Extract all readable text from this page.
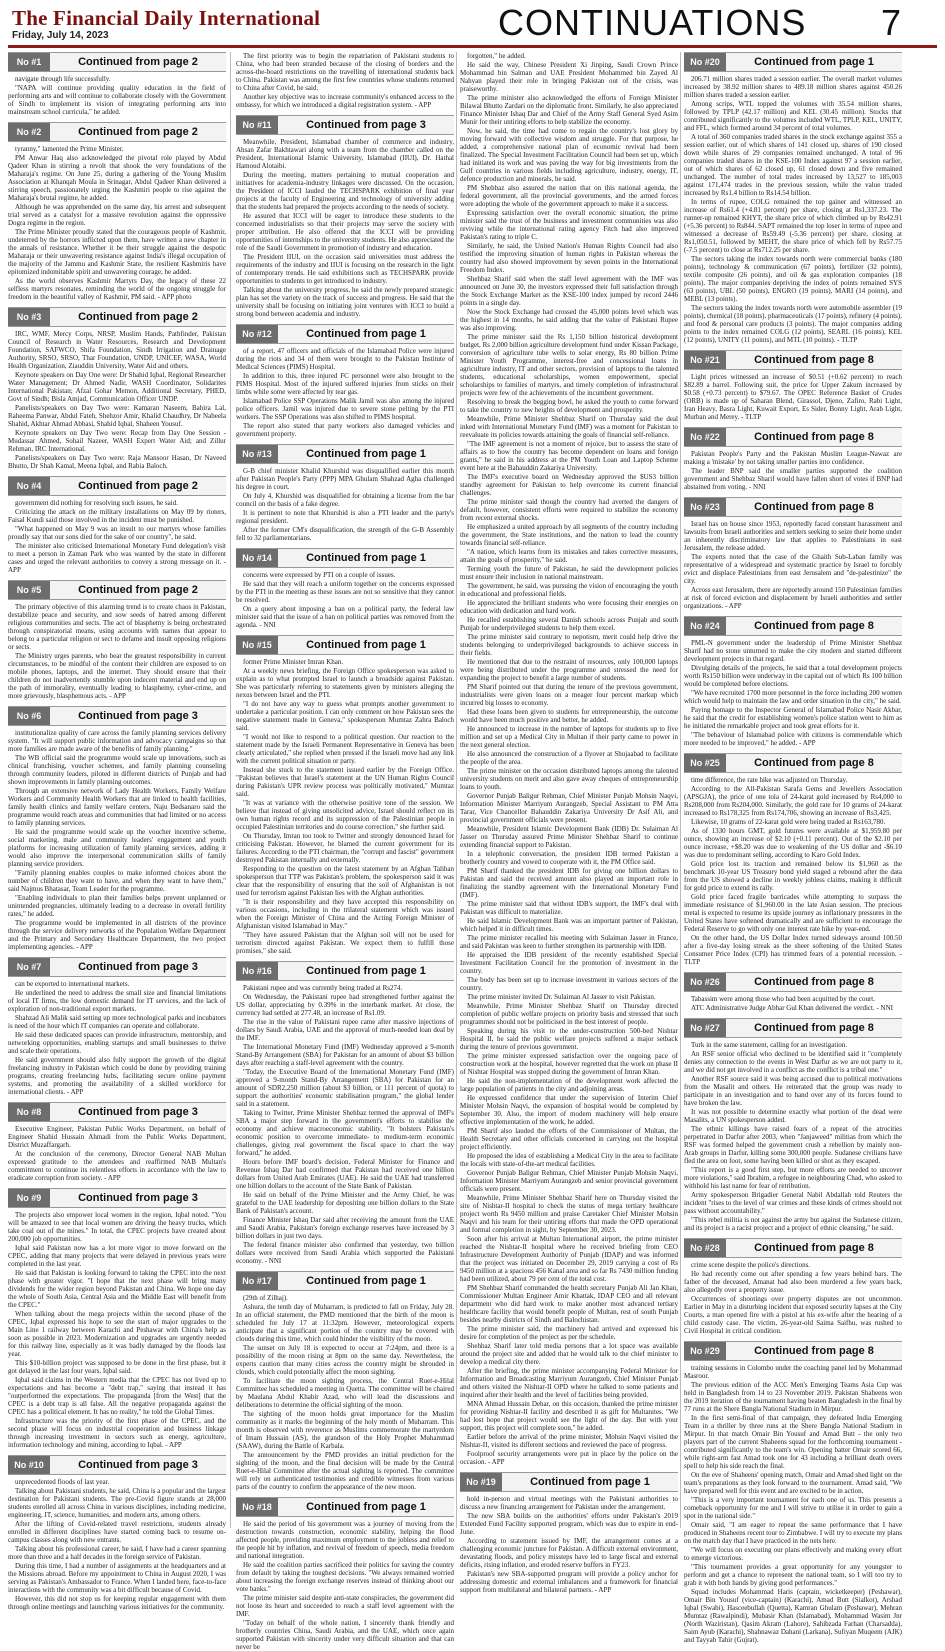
The Financial Daily International
Friday, July 14, 2023	CONTINUATIONS 7
No #1	Continued from page 2

navigate through life successfully.

"NAPA will continue providing quality education in the field of performing arts and will continue to collaborate closely with the Government of Sindh to implement its vision of integrating performing arts into mainstream school curricula," he added.

No #2	Continued from page 2

tyranny," lamented the Prime Minister.

PM Anwar Haq also acknowledged the pivotal role played by Abdul Qadeer Khan in stirring a revolt that shook the very foundations of the Maharaja's regime. On June 25, during a gathering of the Young Muslim Association at Khanqah Moula in Srinagar, Abdul Qadeer Khan delivered a stirring speech, passionately urging the Kashmiri people to rise against the Maharaja's brutal regime, he added.

Although he was apprehended on the same day, his arrest and subsequent trial served as a catalyst for a massive revolution against the oppressive Dogra regime in the region.

The Prime Minister proudly stated that the courageous people of Kashmir, undeterred by the horrors inflicted upon them, have written a new chapter in the annals of resistance. Whether it be their struggle against the despotic Maharaja or their unwavering resistance against India's illegal occupation of the majority of the Jammu and Kashmir State, the resilient Kashmiris have epitomized indomitable spirit and unwavering courage, he added.

As the world observes Kashmir Martyrs Day, the legacy of these 22 selfless martyrs resonates, reminding the world of the ongoing struggle for freedom in the beautiful valley of Kashmir, PM said. - APP photo

No #3	Continued from page 2

IRC, WMF, Mercy Corps, NRSP, Muslim Hands, Pathfinder, Pakistan Council of Research in Water Resources, Research and Development Foundation, SAFWCO, Shifa Foundation, Sindh Irrigation and Drainage Authority, SRSO, SRSO, Thar Foundation, UNDP, UNICEF, WASA, World Health Organization, Ziauddin University, Water Aid and others.

Keynote speakers on Day One were: Dr Shahid Iqbal, Regional Researcher Water Management; Dr Ahmed Nadir, WASH Coordinator, Solidarites International Pakistan; Afzal Gohar Memon, Additional Secretary, PHED, Govt of Sindh; Bisla Amjad, Communication Officer UNDP.

Panelists/speakers on Day Two were: Kamaran Naseem, Bahira Lal, Raheema Panwar, Abdul Fateh, Shehzor Amir, Khalid Chaudhry, Dr Nabeela Shahid, Akhtar Ahmad Abbasi, Shahid Iqbal, Shaheen Yousuf.

Keynote speakers on Day Two were: Recap from Day One Session - Mudassar Ahmed, Sohail Nazeer, WASH Expert Water Aid; and Zillur Rehman, IRC International.

Panelists/speakers on Day Two were: Raja Mansoor Hasan, Dr Naveed Bhutto, Dr Shah Kamal, Meena Iqbal, and Rabia Baloch.

No #4	Continued from page 2

government did nothing for resolving such issues, he said.

Criticizing the attack on the military installations on May 09 by rioters, Faisal Kundi said those involved in the incident must be punished.

"What happened on May 9 was an insult to our martyrs whose families proudly say that our sons died for the sake of our country", he said.

The minister also criticised International Monetary Fund delegation's visit to meet a person in Zaman Park who was wanted by the state in different cases and urged the relevant authorities to convey a strong message on it. - APP

No #5	Continued from page 2

The primary objective of this alarming trend is to create chaos in Pakistan, destabilize peace and security, and sow seeds of hatred among different religious communities and sects. The act of blasphemy is being orchestrated through conspiratorial means, using accounts with names that appear to belong to a particular religion or sect to defame and insult opposing religions or sects.

The Ministry urges parents, who bear the greatest responsibility in current circumstances, to be mindful of the content their children are exposed to on mobile phones, laptops, and the internet. They should ensure that their children do not inadvertently stumble upon indecent material and end up on the path of immorality, eventually leading to blasphemy, cyber-crime, and more grievously, blasphemous acts. - APP

No #6	Continued from page 3

institutionalize quality of care across the family planning services delivery system. "It will support public information and advocacy campaigns so that more families are made aware of the benefits of family planning."

The WB official said the programme would scale up innovations, such as clinical franchising, voucher schemes, and family planning counseling through community leaders, piloted in different districts of Punjab and had shown improvements in family planning outcomes.

Through an extensive network of Lady Health Workers, Family Welfare Workers and Community Health Workers that are linked to health facilities, family health clinics and family welfare centers, Naju Bedsanaro said the programme would reach areas and communities that had limited or no access to family planning services.

He said the programme would scale up the voucher incentive scheme, social marketing, male and community leaders' engagement and youth platforms for increasing utilization of family planning services, adding it would also improve the interpersonal communication skills of family planning service providers.

"Family planning enables couples to make informed choices about the number of children they want to have, and when they want to have them," said Najmus Bhatasar, Team Leader for the programme.

"Enabling individuals to plan their families helps prevent unplanned or unintended pregnancies, ultimately leading to a decrease in overall fertility rates," he added.

The programme would be implemented in all districts of the province through the service delivery networks of the Population Welfare Department and the Primary and Secondary Healthcare Department, the two project implementing agencies. - APP

No #7	Continued from page 3

can be exported to international markets.

He underlined the need to address the small size and financial limitations of local IT firms, the low domestic demand for IT services, and the lack of exploration of non-traditional export markets.

Shahzad Ali Malik said setting up more technological parks and incubators is need of the hour which IT companies can operate and collaborate.

He said these dedicated spaces can provide infrastructure, mentorship, and networking opportunities, enabling startups and small businesses to thrive and scale their operations.

He said government should also fully support the growth of the digital freelancing industry in Pakistan which could be done by providing training programs, creating freelancing hubs, facilitating secure online payment systems, and promoting the availability of a skilled workforce for international clients. - APP

No #8	Continued from page 3

Executive Engineer, Pakistan Public Works Department, on behalf of Engineer Shahid Hussain Ahmadi from the Public Works Department, District Muzaffargarh.

At the conclusion of the ceremony, Director General NAB Multan expressed gratitude to the attendees and reaffirmed NAB Multan's commitment to continue its relentless efforts in accordance with the law to eradicate corruption from society. - APP

No #9	Continued from page 3

The projects also empower local women in the region, Iqbal noted. "You will be amazed to see that local women are driving the heavy trucks, which take coal out of the mines." In total, the CPEC projects have created about 200,000 job opportunities.

Iqbal said Pakistan now has a lot more vigor to move forward on the CPEC, adding that many projects that were delayed in previous years were completed in the last year.

He said that Pakistan is looking forward to taking the CPEC into the next phase with greater vigor. "I hope that the next phase will bring many dividends for the wider region beyond Pakistan and China. We hope one day the whole of South Asia, Central Asia and the Middle East will benefit from the CPEC."

When talking about the mega projects within the second phase of the CPEC, Iqbal expressed his hope to see the start of major upgrades to the Main Line 1 railway between Karachi and Peshawar with China's help as soon as possible in 2023. Modernization and upgrades are urgently needed for this railway line, especially as it was badly damaged by the floods last year.

This $10-billion project was supposed to be done in the first phase, but it got delayed in the last four years, Iqbal said.

Iqbal said claims in the Western media that the CPEC has not lived up to expectations and has become a "debt trap," saying that instead it has "outperformed the expectations. The propaganda [from the West] that the CPEC is a debt trap is all false. All the negative propaganda against the CPEC has a political element. It has no reality," he told the Global Times.

Infrastructure was the priority of the first phase of the CPEC, and the second phase will focus on industrial cooperation and business linkage through increasing investment in sectors such as energy, agriculture, information technology and mining, according to Iqbal. - APP

No #10	Continued from page 3

unprecedented floods of last year.

Talking about Pakistani students, he said, China is a popular and the largest destination for Pakistani students. The pre-Covid figure stands at 28,000 students enrolled all across China in various disciplines, including medicine, engineering, IT, science, humanities, and modern arts, among others.

After the lifting of Covid-related travel restrictions, students already enrolled in different disciplines have started coming back to resume on-campus classes along with new entrants.

Talking about his professional career, he said, I have had a career spanning more than three and a half decades in the foreign service of Pakistan.

During this time, I had a number of assignments at the headquarters and at the Missions abroad. Before my appointment to China in August 2020, I was serving as Pakistan's Ambassador to France. When I landed here, face-to-face interactions with the community was a bit difficult because of Covid.

However, this did not stop us for keeping regular engagement with them through online meetings and launching various initiatives for the community.

The first priority was to begin the repatriation of Pakistani students to China, who had been stranded because of the closing of borders and the across-the-board restrictions on the travelling of international students back to China. Pakistan was among the first few countries whose students returned to China after Covid, he said.

Another key objective was to increase community's enhanced access to the embassy, for which we introduced a digital registration system. - APP

No #11	Continued from page 3

Meanwhile, President, Islamabad chamber of commerce and industry, Ahsan Zafar Bakhtawari along with a team from the chamber called on the President, International Islamic University, Islamabad (IIUI), Dr. Hathal Hamoud Alotaibi.

During the meeting, matters pertaining to mutual cooperation and initiatives for academia-industry linkages were discussed. On the occasion, the President of ICCI lauded the TECHSPARK exhibition of final year projects at the faculty of Engineering and technology of university adding that the students had prepared the projects according to the needs of society.

He assured that ICCI will be eager to introduce these students to the concerned industrialists so that their projects may serve the society with proper attribution. He also offered that the ICCI will be providing opportunities of internships to the university students. He also appreciated the role of the Saudi Government in promotion of industry and education.

The President IIUI, on the occasion said universities must address the requirements of the industry and IIUI is focusing on the research in the light of contemporary trends. He said exhibitions such as TECHSPARK provide opportunities to students to get introduced to industry.

Talking about the university progress, he said the newly prepared strategic plan has set the variety on the track of success and progress. He said that the university shall be focusing on initiating joint ventures with ICCI to build a strong bond between academia and industry.

No #12	Continued from page 1

of a report, 47 officers and officials of the Islamabad Police were injured during the riots and 34 of them were brought to the Pakistan Institute of Medical Sciences (PIMS) Hospital.

In addition to this, three injured FC personnel were also brought to the PIMS Hospital. Most of the injured suffered injuries from sticks on their limbs while some were affected by tear gas.

Islamabad Police SSP Operations Malik Jamil was also among the injured police officers. Jamil was injured due to severe stone pelting by the PTI workers. The SSP Operations was also shifted to PIMS hospital.

The report also stated that party workers also damaged vehicles and government property.

No #13	Continued from page 1

G-B chief minister Khalid Khurshid was disqualified earlier this month after Pakistan People's Party (PPP) MPA Ghulam Shahzad Agha challenged his degree in court.

On July 4, Khurshid was disqualified for obtaining a license from the bar council on the basis of a fake degree.

It is pertinent to note that Khurshid is also a PTI leader and the party's regional president.

After the former CM's disqualification, the strength of the G-B Assembly fell to 32 parliamentarians.

No #14	Continued from page 1

concerns were expressed by PTI on a couple of issues.

He said that they will reach a uniform together on the concerns expressed by the PTI in the meeting as these issues are not so sensitive that they cannot be resolved.

On a query about imposing a ban on a political party, the federal law minister said that the issue of a ban on political parties was removed from the agenda. - NNI

No #15	Continued from page 1

former Prime Minister Imran Khan.

At a weekly news briefing, the Foreign Office spokesperson was asked to explain as to what prompted Israel to launch a broadside against Pakistan. She was particularly referring to statements given by ministers alleging the nexus between Israel and the PTI.

"I do not have any way to guess what prompts another government to undertake a particular position. I can only comment on how Pakistan sees the negative statement made in Geneva," spokesperson Mumtaz Zahra Baloch said.

"I would not like to respond to a political question. Our reaction to the statement made by the Israeli Permanent Representative in Geneva has been clearly articulated," she replied when pressed if the Israeli move had any link with the current political situation or party.

Instead she stuck to the statement issued earlier by the Foreign Office. "Pakistan believes that Israel's statement at the UN Human Rights Council during Pakistan's UPR review process was politically motivated," Mumtaz said.

"It was at variance with the otherwise positive tone of the session. We believe that instead of giving unsolicited advice, Israel should reflect on its own human rights record and its suppression of the Palestinian people in occupied Palestinian territories and do course correction," she further said.

On Thursday, Imran too took to Twitter and strongly denounced Israel for criticising Pakistan. However, he blamed the current government for its failures. According to the PTI chairman, the "corrupt and fascist" government destroyed Pakistan internally and externally.

Responding to the question on the latest statement by an Afghan Taliban spokesperson that TTP was Pakistan's problem, the spokesperson said it was clear that the responsibility of ensuring that the soil of Afghanistan is not used for terrorism against Pakistan lies with the Afghan authorities.

"It is their responsibility and they have accepted this responsibility on various occasions, including in the trilateral statement which was issued when the Foreign Minister of China and the Acting Foreign Minister of Afghanistan visited Islamabad in May."

"They have assured Pakistan that the Afghan soil will not be used for terrorism directed against Pakistan. We expect them to fulfill those promises," she said.

No #16	Continued from page 1

Pakistani rupee and was currently being traded at Rs274.

On Wednesday, the Pakistani rupee had strengthened further against the US dollar, appreciating by 0.39% in the interbank market. At close, the currency had settled at 277.48, an increase of Rs1.09.

The rise in the value of Pakistani rupee came after massive injections of dollars by Saudi Arabia, UAE and the approval of much-needed loan deal by the IMF.

The International Monetary Fund (IMF) Wednesday approved a 9-month Stand-By Arrangement (SBA) for Pakistan for an amount of about $3 billion days after reaching a staff-level agreement with the country.

"Today, the Executive Board of the International Monetary Fund (IMF) approved a 9-month Stand-By Arrangement (SBA) for Pakistan for an amount of SDR2,250 million (about $3 billion, or 111 percent of quota) to support the authorities' economic stabilisation program," the global lender said in a statement.

Taking to Twitter, Prime Minister Shehbaz termed the approval of IMF's SBA a major step forward in the government's efforts to stabilise the economy and achieve macroeconomic stability. "It bolsters Pakistan's economic position to overcome immediate- to medium-term economic challenges, giving real government the fiscal space to chart the way forward," he added.

Hours before IMF board's decision, Federal Minister for Finance and Revenue Ishaq Dar had confirmed that Pakistan had received one billion dollars from United Arab Emirates (UAE). He said the UAE had transferred one billion dollars to the account of the State Bank of Pakistan.

He said on behalf of the Prime Minister and the Army Chief, he was grateful to the UAE leadership for depositing one billion dollars to the State Bank of Pakistan's account.

Finance Minister Ishaq Dar said after receiving the amount from the UAE and Saudi Arabia, Pakistan's foreign exchange reserves have increased by 3 billion dollars in just two days.

The federal finance minister also confirmed that yesterday, two billion dollars were received from Saudi Arabia which supported the Pakistani economy. - NNI

No #17	Continued from page 1

(29th of Zilhaj).

Ashura, the tenth day of Muharram, is predicted to fall on Friday, July 28. In an official statement, the PMD mentioned that the birth of the moon is scheduled for July 17 at 11:32pm. However, meteorological experts anticipate that a significant portion of the country may be covered with clouds during this time, which could hinder the visibility of the moon.

The sunset on July 18 is expected to occur at 7:24pm, and there is a possibility of the moon rising at 8pm on the same day. Nevertheless, the experts caution that many cities across the country might be shrouded in clouds, which could potentially affect the moon sighting.

To facilitate the moon sighting process, the Central Ruet-e-Hilal Committee has scheduled a meeting in Quetta. The committee will be chaired by Maulana Abdul Khabir Azad, who will lead the discussions and deliberations to determine the official sighting of the moon.

The sighting of the moon holds great importance for the Muslim community as it marks the beginning of the holy month of Muharram. This month is observed with reverence as Muslims commemorate the martyrdom of Imam Hussain (AS), the grandson of the Holy Prophet Muhammad (SAAW), during the Battle of Karbala.

The announcement by the PMD provides an initial prediction for the sighting of the moon, and the final decision will be made by the Central Ruet-e-Hilal Committee after the actual sighting is reported. The committee will rely on authenticated testimonies and credible witnesses from various parts of the country to confirm the appearance of the new moon.

No #18	Continued from page 1

He said the period of his government was a journey of moving from the destruction towards construction, economic stability, helping the flood affected people, providing maximum employment to the jobless and relief to the people hit by inflation, and revival of freedom of speech, media freedom and national integration.

He said the coalition parties sacrificed their politics for saving the country from default by taking the toughest decisions. "We always remained worried about increasing the foreign exchange reserves instead of thinking about our vote banks."

The prime minister said despite anti-state conspiracies, the government did not loose its heart and succeeded to reach a staff level agreement with the IMF.

"Today on behalf of the whole nation, I sincerely thank friendly and brotherly countries China, Saudi Arabia, and the UAE, which once again supported Pakistan with sincerity under very difficult situation and that can never be

forgotten," he added.

He said the way, Chinese President Xi Jinping, Saudi Crown Prince Mohammad bin Salman and UAE President Mohammed bin Zayed Al Nahyan played their role in bringing Pakistan out of the crisis, was praiseworthy.

The prime minister also acknowledged the efforts of Foreign Minister Bilawal Bhutto Zardari on the diplomatic front. Similarly, he also appreciated Finance Minister Ishaq Dar and Chief of the Army Staff General Syed Asim Munir for their untiring efforts to help stabilize the economy.

Now, he said, the time had come to regain the country's lost glory by moving forward with collective wisdom and struggle. For that purpose, he added, a comprehensive national plan of economic revival had been finalized. The Special Investment Facilitation Council had been set up, which had initiated its work and was paving the way for big investments from the Gulf countries in various fields including agriculture, industry, energy, IT, defence production and minerals, he said.

PM Shehbaz also assured the nation that on this national agenda, the federal government, all the provincial governments, and the armed forces were adopting the whole of the government approach to make it a success.

Expressing satisfaction over the overall economic situation, the prime minister said the trust of the business and investment communities was also reviving while the international rating agency Fitch had also improved Pakistan's rating to triple C.

Similarly, he said, the United Nation's Human Rights Council had also testified the improving situation of human rights in Pakistan whereas the country had also showed improvement by seven points in the International Freedom Index.

Shehbaz Sharif said when the staff level agreement with the IMF was announced on June 30, the investors expressed their full satisfaction through the Stock Exchange Market as the KSE-100 index jumped by record 2446 points in a single day.

Now the Stock Exchange had crossed the 45,000 points level which was the highest in 14 months, he said adding that the value of Pakistani Rupee was also improving.

The prime minister said the Rs 1,150 billion historical development budget, Rs 2,000 billion agriculture development fund under Kissan Package, conversion of agriculture tube wells to solar energy, Rs 80 billion Prime Minister Youth Programme, interest-free and concessional loans in agriculture industry, IT and other sectors, provision of laptops to the talented students, educational scholarships, women empowerment, special scholarships to families of martyrs, and timely completion of infrastructural projects were few of the achievements of the incumbent government.

Resolving to break the begging bowl, he asked the youth to come forward to take the country to new heights of development and prosperity.

Meanwhile, Prime Minister Shehbaz Sharif on Thursday said the deal inked with International Monetary Fund (IMF) was a moment for Pakistan to reevaluate its policies towards attaining the goals of financial self-reliance.

"The IMF agreement is not a moment of rejoice, but to assess the state of affairs as to how the country has become dependent on loans and foreign grants," he said in his address at the PM Youth Loan and Laptop Scheme event here at the Bahauddin Zakariya University.

The IMF's executive board on Wednesday approved the $US3 billion standby agreement for Pakistan to help overcome its current financial challenges.

The prime minister said though the country had averted the dangers of default, however, consistent efforts were required to stabilize the economy from recent external shocks.

He emphasized a united approach by all segments of the country including the government, the State institutions, and the nation to lead the country towards financial self-reliance.

"A nation, which learns from its mistakes and takes corrective measures, attain the goals of prosperity," he said.

Terming youth the future of Pakistan, he said the development policies must ensure their inclusion in national mainstream.

The government, he said, was pursuing the vision of encouraging the youth in educational and professional fields.

He appreciated the brilliant students who were focusing their energies on education with dedication and hard work.

He recalled establishing several Danish schools across Punjab and south Punjab for underprivileged students to help them excel.

The prime minister said contrary to nepotism, merit could help drive the students belonging to underprivileged backgrounds to achieve success in their fields.

He mentioned that due to the restraint of resources, only 100,000 laptops were being distributed under the programme and stressed the need for expanding the project to benefit a large number of students.

PM Sharif pointed out that during the tenure of the previous government, industrialists were given loans on a meager four percent markup which incurred big losses to economy.

Had these loans been given to students for entrepreneurship, the outcome would have been much positive and better, he added.

He announced to increase in the number of laptops for students up to five million and set up a Medical City in Multan if their party came to power in the next general election.

He also announced the construction of a flyover at Shujaabad to facilitate the people of the area.

The prime minister on the occasion distributed laptops among the talented university students on merit and also gave away cheques of entrepreneurship loans to youth.

Governor Punjab Baligur Rehman, Chief Minister Punjab Mohsin Naqvi, Information Minister Marriyum Aurangzeb, Special Assistant to PM Atta Tarar, Vice Chancellor Bahauddin Zakariya University Dr Asif Ali, and provincial government officials were present.

Meanwhile, President Islamic Development Bank (IDB) Dr. Sulaiman Al Jasser on Thursday assured Prime Minister Shehbaz Sharif to continue extending financial support to Pakistan.

In a telephonic conversation, the president IDB termed Pakistan a brotherly country and vowed to cooperate with it, the PM Office said.

PM Sharif thanked the president IDB for giving one billion dollars to Pakistan and said the received amount also played an important role in finalizing the standby agreement with the International Monetary Fund (IMF).

The prime minister said that without IDB's support, the IMF's deal with Pakistan was difficult to materialize.

He said Islamic Development Bank was an important partner of Pakistan, which helped it in difficult times.

The prime minister recalled his meeting with Sulaiman Jasser in France, and said Pakistan was keen to further strengthen its partnership with IDB.

He appraised the IDB president of the recently established Special Investment Facilitation Council for the promotion of investment in the country.

The body has been set up to increase investment in various sectors of the country.

The prime minister invited Dr. Sulaiman Al Jasser to visit Pakistan.

Meanwhile, Prime Minister Shehbaz Sharif on Thursday directed completion of public welfare projects on priority basis and stressed that such programmes should not be politicised in the best interest of people.

Speaking during his visit to the under-construction 500-bed Nishtar Hospital II, he said the public welfare projects suffered a major setback during the tenure of previous government.

The prime minister expressed satisfaction over the ongoing pace of construction work at the hospital, however regretted that the work on phase II of Nishtar Hospital was stopped during the government of Imran Khan.

He said the non-implementation of the development work affected the large population of patients in the city and adjoining areas.

He expressed confidence that under the supervision of Interim Chief Minister Mohsin Naqvi, the expansion of hospital would be completed by September 30. Also, the import of modern machinery will help ensure effective implementation of the work, he added.

PM Sharif also lauded the efforts of the Commissioner of Multan, the Health Secretary and other officials concerned in carrying out the hospital project efficiently.

He proposed the idea of establishing a Medical City in the area to facilitate the locals with state-of-the-art medical facilities.

Governor Punjab Baligur Rehman, Chief Minister Punjab Mohsin Naqvi, Information Minister Marriyum Aurangzeb and senior provincial government officials were present.

Meanwhile, Prime Minister Shehbaz Sharif here on Thursday visited the site of Nishtar-II hospital to check the status of mega tertiary healthcare project worth Rs 9450 million and praise Caretaker Chief Minister Mohsin Naqvi and his team for their untiring efforts that made the OPD operational and formal completion in sight, by September 30, 2023.

Soon after his arrival at Multan International airport, the prime minister reached the Nishtar-II hospital where he received briefing from CEO Infrastructure Development Authority of Punjab (IDAP) and was informed that the project was initiated on December 29, 2019 carrying a cost of Rs 9450 million at a spacious 456 Kanal area and so far Rs 7430 million funding had been utilized, about 79 per cent of the total cost.

PM Shehbaz Sharif commanded the health secretary Punjab Ali Jan Khan, Commissioner Multan Engineer Amir Khattak, IDAP CEO and all relevant department who did hard work to make another most advanced tertiary healthcare facility that would benefit people of Multan, rest of south Punjab besides nearby districts of Sindh and Balochistan.

The prime minister said, the machinery had arrived and expressed his desire for completion of the project as per the schedule.

Shehbaz Sharif later told media persons that a lot space was available around the project site and added that he would talk to the chief minister to develop a medical city there.

After the briefing, the prime minister accompanying Federal Minister for Information and Broadcasting Marriyum Aurangzeb, Chief Minister Punjab and others visited the Nishtar-II OPD where he talked to some patients and inquired after their health and the level of facilities being provided.

MNA Ahmad Hussain Dehar, on this occasion, thanked the prime minister for providing Nishtar-II facility and described it as gift for Multanites. "We had lost hope that project would see the light of the day. But with your support, this project will complete soon," he added.

Earlier before the arrival of the prime minister, Mohsin Naqvi visited the Nishtar-II, visited its different sections and reviewed the pace of progress.

Foolproof security arrangements were put in place by the police on the occasion. - APP

No #19	Continued from page 1

hold in-person and virtual meetings with the Pakistani authorities to discuss a new financing arrangement for Pakistan under the arrangement.

The new SBA builds on the authorities' efforts under Pakistan's 2019 Extended Fund Facility supported program, which was due to expire in end-June.

According to statement issued by IMF, the arrangement comes at a challenging economic juncture for Pakistan. A difficult external environment, devastating floods, and policy missteps have led to large fiscal and external deficits, rising inflation, and eroded reserve buffers in FY23.

Pakistan's new SBA-supported program will provide a policy anchor for addressing domestic and external imbalances and a framework for financial support from multilateral and bilateral partners. - APP

No #20	Continued from page 1

206.71 million shares traded a session earlier. The overall market volumes increased by 38.92 million shares to 489.18 million shares against 450.26 million shares traded a session earlier.

Among scrips, WTL topped the volumes with 35.54 million shares, followed by TPLP (42.17 million) and KEL (30.45 million). Stocks that contributed significantly to the volumes included WTL, TPLP, KEL, UNITY, and FFL, which formed around 34 percent of total volumes.

A total of 360 companies traded shares in the stock exchange against 355 a session earlier, out of which shares of 141 closed up, shares of 190 closed down while shares of 29 companies remained unchanged. A total of 96 companies traded shares in the KSE-100 Index against 97 a session earlier, out of which shares of 62 closed up, 61 closed down and five remained unchanged. The number of total trades increased by 13,527 to 185,003 against 171,474 trades in the previous session, while the value traded increased by Rs1.4 billion to Rs14.54 billion.

In terms of rupee, COLG remained the top gainer and witnessed an increase of Rs61.4 (+4.81 percent) per share, closing at Rs1,337.23. The runner-up remained KHYT, the share price of which climbed up by Rs42.91 (+5.36 percent) to Rs844. SAPT remained the top loser in terms of rupee and witnessed a decrease of Rs59.49 (-5.36 percent) per share, closing at Rs1,050.51, followed by MEHT, the share price of which fell by Rs57.75 (-7.5 percent) to close at Rs712.25 per share.

The sectors taking the index towards north were commercial banks (180 points), technology & communication (67 points), fertilizer (32 points), textile composite (26 points), and oil & gas exploration companies (18 points). The major companies depriving the index of points remained SYS (63 points), UBL (50 points), ENGRO (19 points), MARI (14 points), and MEBL (13 points).

The sectors taking the index towards north were automobile assembler (19 points), chemical (18 points), pharmaceuticals (17 points), refinery (4 points), and food & personal care products (3 points). The major companies adding points to the index remained COLG (12 points), SEARL (16 points), KEL (12 points), UNITY (11 points), and MTL (10 points). - TLTP

No #21	Continued from page 8

Light prices witnessed an increase of $0.51 (+0.62 percent) to reach $82.89 a barrel. Following suit, the price for Upper Zakum increased by $0.58 (+0.73 percent) to $79.67. The OPEC Reference Basket of Crudes (ORB) is made up of Saharan Blend, Girassol, Djeno, Zafiro, Rabi Light, Iran Heavy, Basra Light, Kuwait Export, Es Sider, Bonny Light, Arab Light, Murban and Merey. - TLTP

No #22	Continued from page 8

Pakistan People's Party and the Pakistan Muslim League-Nawaz are making a 'mistake' by not taking smaller parties into confidence.

The leader BNP said the smaller parties supported the coalition government and Shehbaz Sharif would have fallen short of votes if BNP had abstained from voting. - NNI

No #23	Continued from page 8

Israel has on house since 1953, reportedly faced constant harassment and lawsuits from Israeli authorities and settlers seeking to seize their home under an inherently discriminatory law that applies to Palestinians in east Jerusalem, the release added.

The experts noted that the case of the Ghaith Sub-Laban family was representative of a widespread and systematic practice by Israel to forcibly evict and displace Palestinians from east Jerusalem and "de-palestinize" the city.

Across east Jerusalem, there are reportedly around 150 Palestinian families at risk of forced eviction and displacement by Israeli authorities and settler organizations. - APP

No #24	Continued from page 8

PML-N government under the leadership of Prime Minister Shehbaz Sharif had no stone unturned to make the city modern and started different development projects in that regard.

Divulging details of the projects, he said that a total development projects worth Rs150 billion were underway in the capital out of which Rs 100 billion would be completed before elections.

"We have recruited 1700 more personnel in the force including 200 women which would help to maintain the law and order situation in the city," he said.

Paying homage to the Inspector General of Islamabad Police Nasir Akbar, he said that the credit for establishing women's police station went to him as he initiated the remarkable project and took great efforts for it.

"The behaviour of Islamabad police with citizens is commendable which more needed to be improved," he added. - APP

No #25	Continued from page 8

time difference, the rate hike was adjusted on Thursday.

According to the All-Pakistan Sarafa Gems and Jewellers Association (APSGJA), the price of one tola of 24-karat gold increased by Rs4,000 to Rs208,000 from Rs204,000. Similarly, the gold rate for 10 grams of 24-karat increased to Rs178,325 from Rs174,706, showing an increase of Rs3,425.

Likewise, 10 grams of 22-karat gold were being traded at Rs163,780.

As of 1330 hours GMT, gold futures were available at $1,959.80 per ounce, showing an increase of $2.10 (+0.11 percent). Out of the $2.10 per ounce increase, +$8.20 was due to weakening of the US dollar and -$6.10 was due to predominant selling, according to Karo Gold Index.

Gold price lost its traction and remained below its $1,960 as the benchmark 10-year US Treasury bond yield staged a rebound after the data from the US showed a decline in weekly jobless claims, making it difficult for gold price to extend its rally.

Gold price faced fragile barricades while attempting to surpass the immediate resistance of $1,960.00 in the late Asian session. The precious metal is expected to resume its upside journey as inflationary pressures in the United States have softened dramatically and are sufficient to encourage the Federal Reserve to go with only one interest rate hike by year-end.

On the other hand, the US Dollar Index turned sideways around 100.50 after a five-day losing streak as the sheer softening of the United States Consumer Price Index (CPI) has trimmed fears of a potential recession. - TLTP

No #26	Continued from page 8

Tabassim were among those who had been acquitted by the court.

ATC Administrative Judge Abhar Gul Khan delivered the verdict. - NNI

No #27	Continued from page 8

Turk in the same statement, calling for an investigation.

An RSF senior official who declined to be identified said it "completely denies any connection to the events in West Darfur as we are not party to it, and we did not get involved in a conflict as the conflict is a tribal one."

Another RSF source said it was being accused due to political motivations from the Masalit and others. He reiterated that the group was ready to participate in an investigation and to hand over any of its forces found to have broken the law.

It was not possible to determine exactly what portion of the dead were Masalits, a UN spokesperson added.

The ethnic killings have raised fears of a repeat of the atrocities perpetrated in Darfur after 2003, when "Janjaweed" militias from which the RSF was formed helped the government crush a rebellion by mainly non-Arab groups in Darfur, killing some 300,000 people. Sudanese civilians have fled the area on foot, some having been killed or shot as they escaped.

"This report is a good first step, but more efforts are needed to uncover more violations," said Ibrahim, a refugee in neighbouring Chad, who asked to withhold his last name for fear of retribution.

Army spokesperson Brigadier General Nabil Abdallah told Reuters the incident "rises to the level of war crimes and these kinds of crimes should not pass without accountability."

"This rebel militia is not against the army but against the Sudanese citizen, and its project is a racist project and a project of ethnic cleansing," he said.

No #28	Continued from page 8

crime scene despite the police's directions.

He had recently come out after spending a few years behind bars. The father of the deceased, Amanat had also been murdered a few years back, also allegedly over a property issue.

Occurrences of shootings over property disputes are not uncommon. Earlier in May in a disturbing incident that exposed security lapses at the City Courts, a man opened fire with a pistol at his ex-wife after the hearing of a child custody case. The victim, 26-year-old Saima Saifhu, was rushed to Civil Hospital in critical condition.

No #29	Continued from page 8

training sessions in Colombo under the coaching panel led by Mohammad Masroor.

The previous edition of the ACC Men's Emerging Teams Asia Cup was held in Bangladesh from 14 to 23 November 2019. Pakistan Shaheens won the 2019 iteration of the tournament having beaten Bangladesh in the final by 77 runs at the Shere Bangla National Stadium in Mirpur.

In the first semi-final of that campaign, they defeated India Emerging Team in a thriller by three runs at the Shere Bangla National Stadium in Mirpur. In that match Omair Bin Yousuf and Amad Butt - the only two players part of the current Shaheens squad for the forthcoming tournament - contributed significantly to the team's win. Opening batter Omair scored 66, while right-arm fast Amad took one for 43 including a brilliant death overs spell to help his side reach the final.

On the eve of Shaheens' opening match, Omair and Amad shed light on the team's preparations as they look forward to the tournament. Amad said, "We have prepared well for this event and are excited to be in action.

"This is a very important tournament for each one of us. This presents a comeback opportunity for me and I will strive to utilise it in order to gain a spot in the national side."

Omair said, "I am eager to repeat the same performance that I have produced in Shaheens recent tour to Zimbabwe. I will try to execute my plans on the match day that I have practiced in the nets here.

"We will focus on executing our plans effectively and making every effort to emerge victorious.

"This tournament provides a great opportunity for any youngster to perform and get a chance to represent the national team, so I will too try to grab it with both hands by giving good performances."

Squad includes Mohammad Haris (captain, wicketkeeper) (Peshawar), Omair Bin Yousuf (vice-captain) (Karachi), Amad Butt (Sialkot), Arshad Iqbal (Swabi), Hasceebullah (Quetta), Kamran Ghulam (Peshawar), Mehran Mumtaz (Rawalpindi), Mubasir Khan (Islamabad), Mohammad Wasim Jnr (North Waziristan), Qasim Akram (Lahore), Sahibzada Farhan (Charsadda), Saim Ayub (Karachi), Shahnawaz Dahani (Larkana), Sufiyan Muqeem (AJK) and Tayyab Tahir (Gujrat).
